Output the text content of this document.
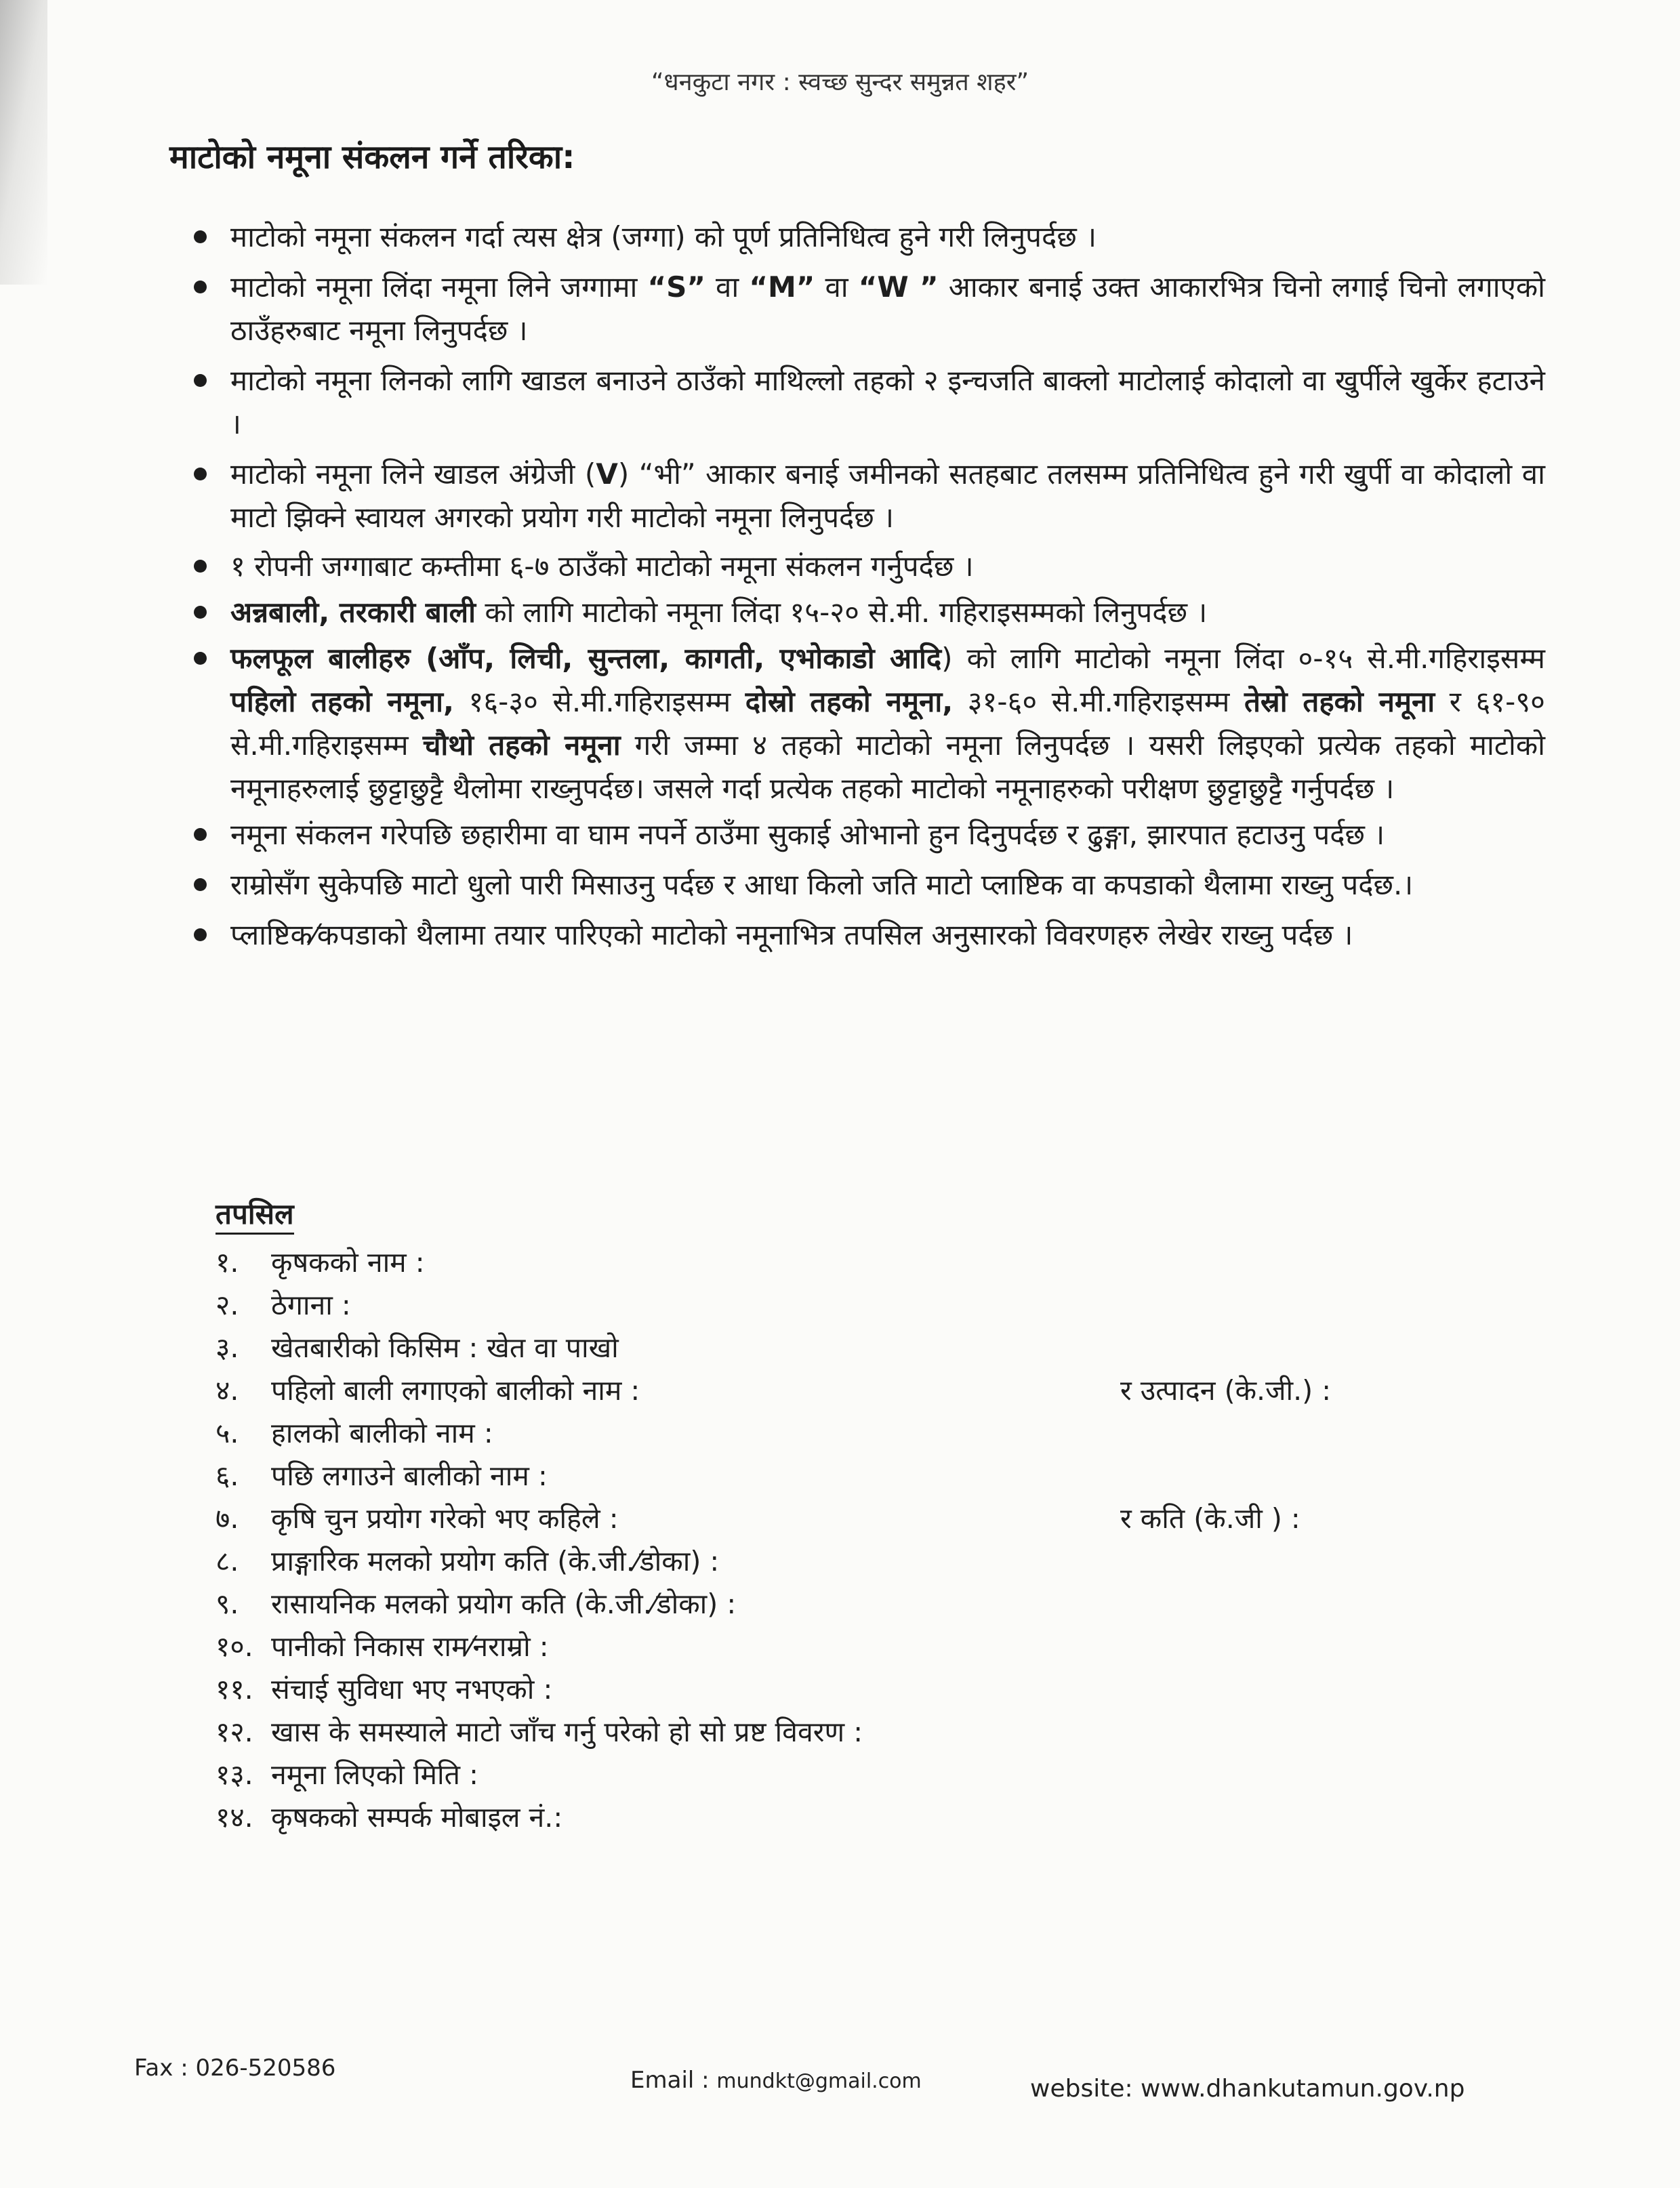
“धनकुटा नगर : स्वच्छ सुन्दर समुन्नत शहर”
माटोको नमूना संकलन गर्ने तरिका:
माटोको नमूना संकलन गर्दा त्यस क्षेत्र (जग्गा) को पूर्ण प्रतिनिधित्व हुने गरी लिनुपर्दछ ।
माटोको नमूना लिंदा नमूना लिने जग्गामा “S” वा “M” वा “W ” आकार बनाई उक्त आकारभित्र चिनो लगाई चिनो लगाएको ठाउँहरुबाट नमूना लिनुपर्दछ ।
माटोको नमूना लिनको लागि खाडल बनाउने ठाउँको माथिल्लो तहको २ इन्चजति बाक्लो माटोलाई कोदालो वा खुर्पीले खुर्केर हटाउने ।
माटोको नमूना लिने खाडल अंग्रेजी (V) “भी” आकार बनाई जमीनको सतहबाट तलसम्म प्रतिनिधित्व हुने गरी खुर्पी वा कोदालो वा माटो झिक्ने स्वायल अगरको प्रयोग गरी माटोको नमूना लिनुपर्दछ ।
१ रोपनी जग्गाबाट कम्तीमा ६-७ ठाउँको माटोको नमूना संकलन गर्नुपर्दछ ।
अन्नबाली, तरकारी बाली को लागि माटोको नमूना लिंदा १५-२० से.मी. गहिराइसम्मको लिनुपर्दछ ।
फलफूल बालीहरु (आँप, लिची, सुन्तला, कागती, एभोकाडो आदि) को लागि माटोको नमूना लिंदा ०-१५ से.मी.गहिराइसम्म पहिलो तहको नमूना, १६-३० से.मी.गहिराइसम्म दोस्रो तहको नमूना, ३१-६० से.मी.गहिराइसम्म तेस्रो तहको नमूना र ६१-९० से.मी.गहिराइसम्म चौथो तहको नमूना गरी जम्मा ४ तहको माटोको नमूना लिनुपर्दछ । यसरी लिइएको प्रत्येक तहको माटोको नमूनाहरुलाई छुट्टाछुट्टै थैलोमा राख्नुपर्दछ। जसले गर्दा प्रत्येक तहको माटोको नमूनाहरुको परीक्षण छुट्टाछुट्टै गर्नुपर्दछ ।
नमूना संकलन गरेपछि छहारीमा वा घाम नपर्ने ठाउँमा सुकाई ओभानो हुन दिनुपर्दछ र ढुङ्गा, झारपात हटाउनु पर्दछ ।
राम्रोसँग सुकेपछि माटो धुलो पारी मिसाउनु पर्दछ र आधा किलो जति माटो प्लाष्टिक वा कपडाको थैलामा राख्नु पर्दछ.।
प्लाष्टिक⁄कपडाको थैलामा तयार पारिएको माटोको नमूनाभित्र तपसिल अनुसारको विवरणहरु लेखेर राख्नु पर्दछ ।
तपसिल
१. कृषकको नाम :
२. ठेगाना :
३. खेतबारीको किसिम : खेत वा पाखो
४. पहिलो बाली लगाएको बालीको नाम :	र उत्पादन (के.जी.) :
५. हालको बालीको नाम :
६. पछि लगाउने बालीको नाम :
७. कृषि चुन प्रयोग गरेको भए कहिले :	र कति (के.जी ) :
८. प्राङ्गारिक मलको प्रयोग कति (के.जी.⁄डोका) :
९. रासायनिक मलको प्रयोग कति (के.जी.⁄डोका) :
१०. पानीको निकास राम⁄नराम्रो :
११. संचाई सुविधा भए नभएको :
१२. खास के समस्याले माटो जाँच गर्नु परेको हो सो प्रष्ट विवरण :
१३. नमूना लिएको मिति :
१४. कृषकको सम्पर्क मोबाइल नं.:
Fax : 026-520586	Email : mundkt@gmail.com	website: www.dhankutamun.gov.np
